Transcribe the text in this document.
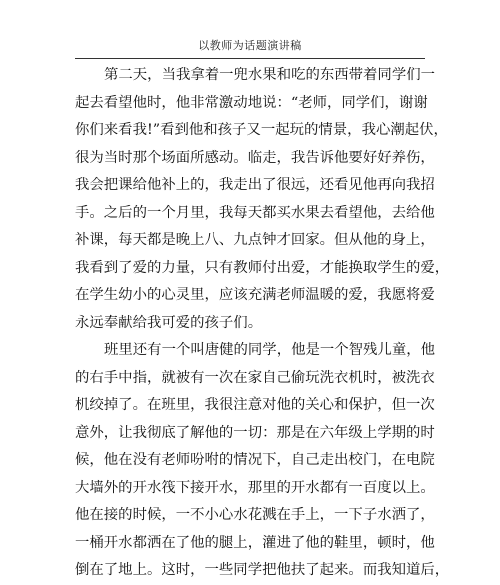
以教师为话题演讲稿
第二天，当我拿着一兜水果和吃的东西带着同学们一
起去看望他时，他非常激动地说：“老师，同学们，谢谢
你们来看我!”看到他和孩子又一起玩的情景，我心潮起伏，
很为当时那个场面所感动。临走，我告诉他要好好养伤，
我会把课给他补上的，我走出了很远，还看见他再向我招
手。之后的一个月里，我每天都买水果去看望他，去给他
补课，每天都是晚上八、九点钟才回家。但从他的身上，
我看到了爱的力量，只有教师付出爱，才能换取学生的爱，
在学生幼小的心灵里，应该充满老师温暖的爱，我愿将爱
永远奉献给我可爱的孩子们。
班里还有一个叫唐健的同学，他是一个智残儿童，他
的右手中指，就被有一次在家自己偷玩洗衣机时，被洗衣
机绞掉了。在班里，我很注意对他的关心和保护，但一次
意外，让我彻底了解他的一切：那是在六年级上学期的时
候，他在没有老师吩咐的情况下，自己走出校门，在电院
大墙外的开水筏下接开水，那里的开水都有一百度以上。
他在接的时候，一不小心水花溅在手上，一下子水洒了，
一桶开水都洒在了他的腿上，灌进了他的鞋里，顿时，他
倒在了地上。这时，一些同学把他扶了起来。而我知道后，
